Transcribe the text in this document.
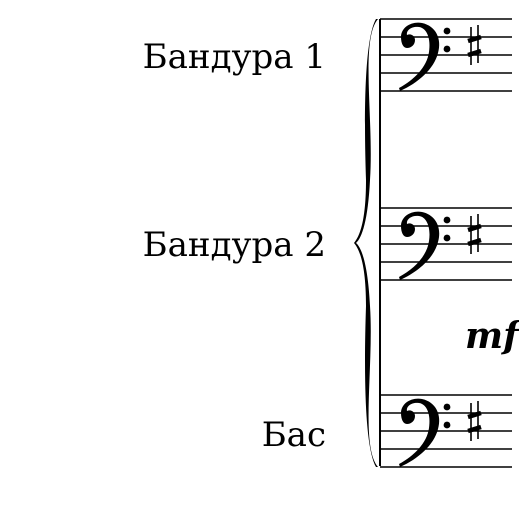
Бандура 1
Бандура 2
Бас
mf
